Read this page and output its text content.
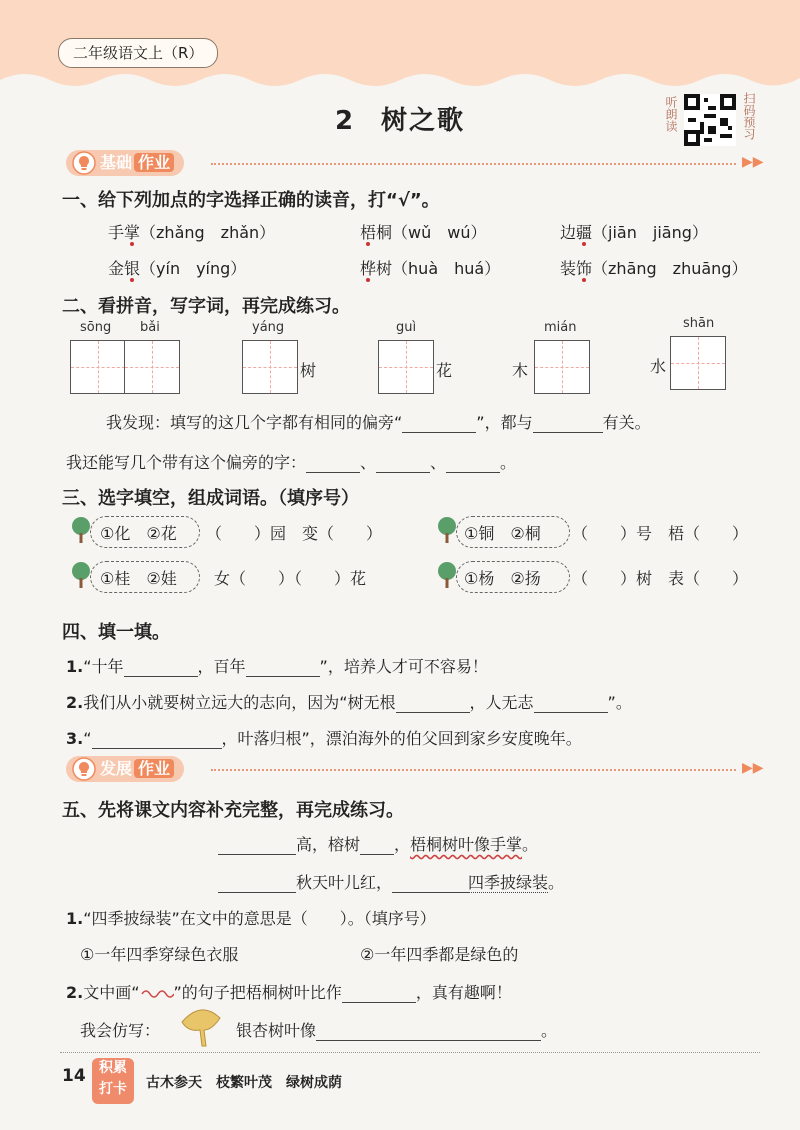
二年级语文上（R）
2 树之歌	听朗读	扫码预习
基础 作业	▶▶
一、给下列加点的字选择正确的读音，打“√”。
手掌（zhǎng　zhǎn）	梧桐（wǔ　wú）	边疆（jiān　jiāng）
金银（yín　yíng）	桦树（huà　huá）	装饰（zhāng　zhuāng）
二、看拼音，写字词，再完成练习。
sōng bǎi	yáng	guì	mián	shān
树	花	木	水
我发现：填写的这几个字都有相同的偏旁“	”，都与	有关。
我还能写几个带有这个偏旁的字：	、	、	。
三、选字填空，组成词语。（填序号）
①化　②花 （　　）园　变（　　）	①铜　②桐 （　　）号　梧（　　）
①桂　②娃 女（　　）（　　）花	①杨　②扬 （　　）树　表（　　）
四、填一填。
1.“十年	，百年	”，培养人才可不容易！
2.我们从小就要树立远大的志向，因为“树无根	，人无志	”。
3.“	，叶落归根”，漂泊海外的伯父回到家乡安度晚年。
发展 作业	▶▶
五、先将课文内容补充完整，再完成练习。
高，榕树 ，梧桐树叶像手掌。
秋天叶儿红，	四季披绿装。
1.“四季披绿装”在文中的意思是（　　）。（填序号）
①一年四季穿绿色衣服	②一年四季都是绿色的
2.文中画“ ”的句子把梧桐树叶比作	，真有趣啊！
我会仿写：	银杏树叶像	。
14 积累
打卡	古木参天　枝繁叶茂　绿树成荫
